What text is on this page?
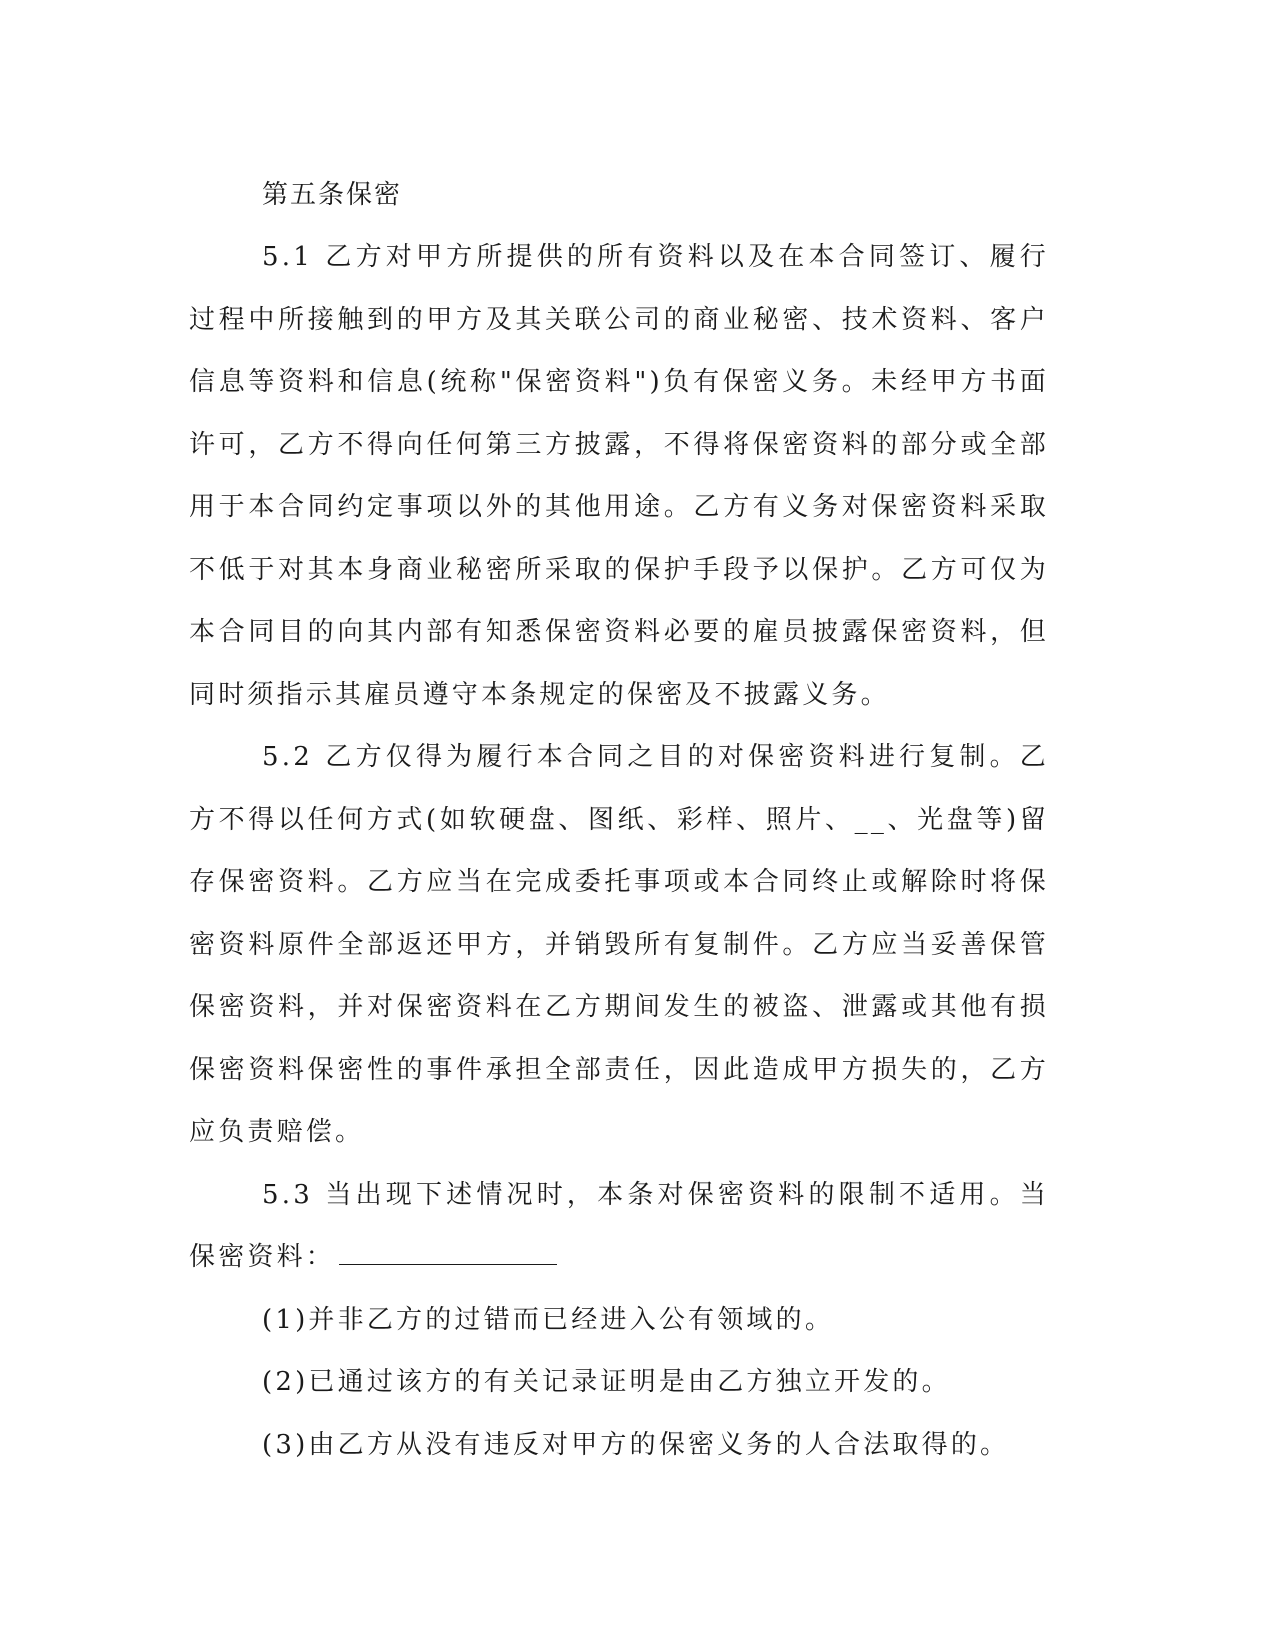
第五条保密

5.1 乙方对甲方所提供的所有资料以及在本合同签订、履行过程中所接触到的甲方及其关联公司的商业秘密、技术资料、客户信息等资料和信息(统称"保密资料")负有保密义务。未经甲方书面许可，乙方不得向任何第三方披露，不得将保密资料的部分或全部用于本合同约定事项以外的其他用途。乙方有义务对保密资料采取不低于对其本身商业秘密所采取的保护手段予以保护。乙方可仅为本合同目的向其内部有知悉保密资料必要的雇员披露保密资料，但同时须指示其雇员遵守本条规定的保密及不披露义务。

5.2 乙方仅得为履行本合同之目的对保密资料进行复制。乙方不得以任何方式(如软硬盘、图纸、彩样、照片、__、光盘等)留存保密资料。乙方应当在完成委托事项或本合同终止或解除时将保密资料原件全部返还甲方，并销毁所有复制件。乙方应当妥善保管保密资料，并对保密资料在乙方期间发生的被盗、泄露或其他有损保密资料保密性的事件承担全部责任，因此造成甲方损失的，乙方应负责赔偿。

5.3 当出现下述情况时，本条对保密资料的限制不适用。当保密资料：

(1)并非乙方的过错而已经进入公有领域的。

(2)已通过该方的有关记录证明是由乙方独立开发的。

(3)由乙方从没有违反对甲方的保密义务的人合法取得的。
